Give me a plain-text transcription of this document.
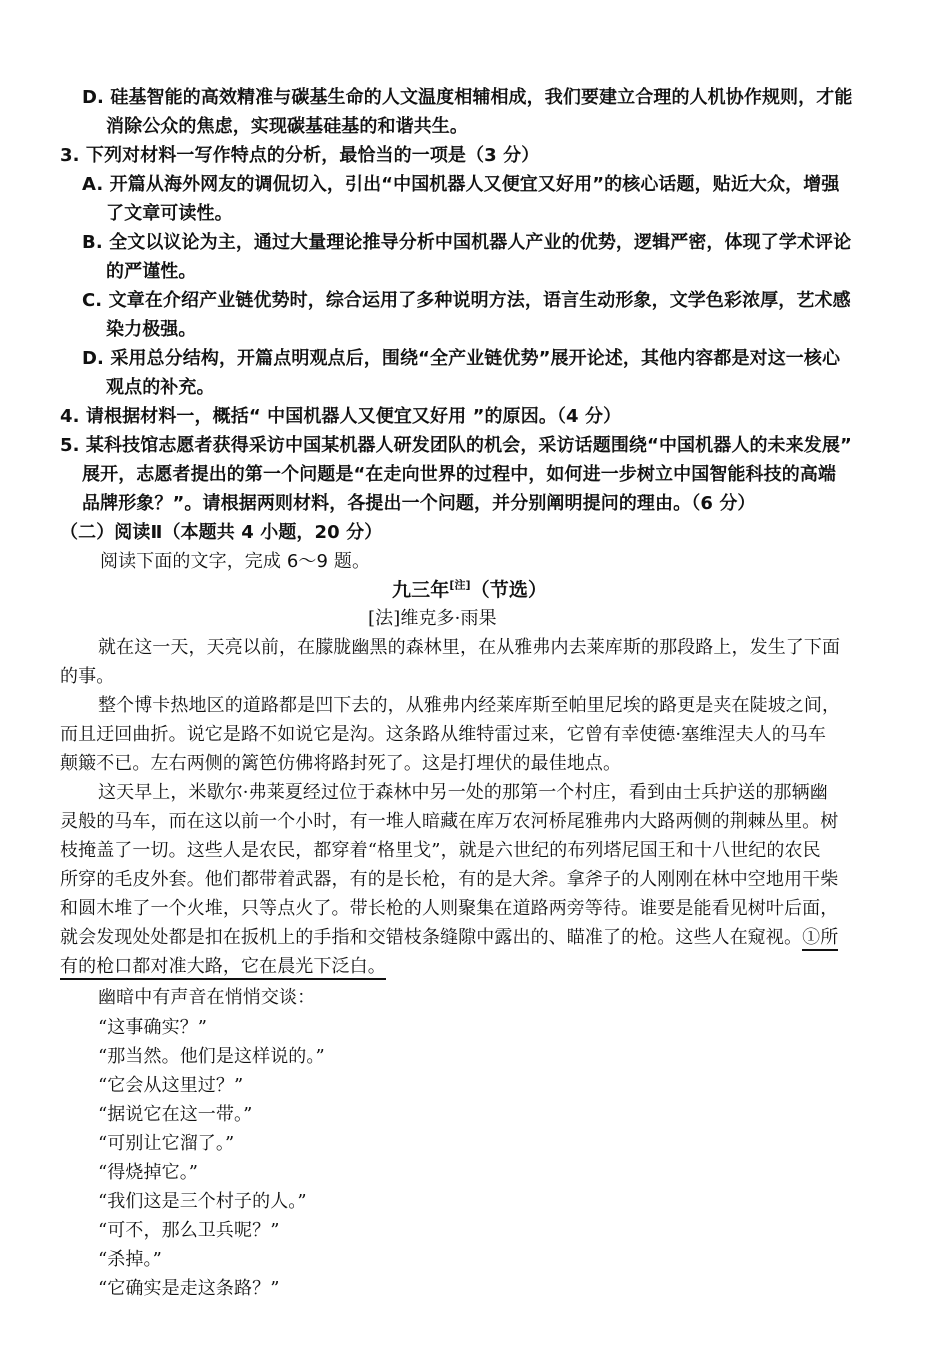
D. 硅基智能的高效精准与碳基生命的人文温度相辅相成，我们要建立合理的人机协作规则，才能
消除公众的焦虑，实现碳基硅基的和谐共生。
3. 下列对材料一写作特点的分析，最恰当的一项是（3 分）
A. 开篇从海外网友的调侃切入，引出“中国机器人又便宜又好用”的核心话题，贴近大众，增强
了文章可读性。
B. 全文以议论为主，通过大量理论推导分析中国机器人产业的优势，逻辑严密，体现了学术评论
的严谨性。
C. 文章在介绍产业链优势时，综合运用了多种说明方法，语言生动形象，文学色彩浓厚，艺术感
染力极强。
D. 采用总分结构，开篇点明观点后，围绕“全产业链优势”展开论述，其他内容都是对这一核心
观点的补充。
4. 请根据材料一，概括“ 中国机器人又便宜又好用 ”的原因。（4 分）
5. 某科技馆志愿者获得采访中国某机器人研发团队的机会，采访话题围绕“中国机器人的未来发展”
展开，志愿者提出的第一个问题是“在走向世界的过程中，如何进一步树立中国智能科技的高端
品牌形象？”。请根据两则材料，各提出一个问题，并分别阐明提问的理由。（6 分）
（二）阅读Ⅱ（本题共 4 小题，20 分）
阅读下面的文字，完成 6～9 题。
九三年[注]（节选）
[法]维克多·雨果
就在这一天，天亮以前，在朦胧幽黑的森林里，在从雅弗内去莱库斯的那段路上，发生了下面
的事。
整个博卡热地区的道路都是凹下去的，从雅弗内经莱库斯至帕里尼埃的路更是夹在陡坡之间，
而且迂回曲折。说它是路不如说它是沟。这条路从维特雷过来，它曾有幸使德·塞维涅夫人的马车
颠簸不已。左右两侧的篱笆仿佛将路封死了。这是打埋伏的最佳地点。
这天早上，米歇尔·弗莱夏经过位于森林中另一处的那第一个村庄，看到由士兵护送的那辆幽
灵般的马车，而在这以前一个小时，有一堆人暗藏在库万农河桥尾雅弗内大路两侧的荆棘丛里。树
枝掩盖了一切。这些人是农民，都穿着“格里戈”，就是六世纪的布列塔尼国王和十八世纪的农民
所穿的毛皮外套。他们都带着武器，有的是长枪，有的是大斧。拿斧子的人刚刚在林中空地用干柴
和圆木堆了一个火堆，只等点火了。带长枪的人则聚集在道路两旁等待。谁要是能看见树叶后面，
就会发现处处都是扣在扳机上的手指和交错枝条缝隙中露出的、瞄准了的枪。这些人在窥视。①所
有的枪口都对准大路，它在晨光下泛白。
幽暗中有声音在悄悄交谈：
“这事确实？”
“那当然。他们是这样说的。”
“它会从这里过？”
“据说它在这一带。”
“可别让它溜了。”
“得烧掉它。”
“我们这是三个村子的人。”
“可不，那么卫兵呢？”
“杀掉。”
“它确实是走这条路？”
